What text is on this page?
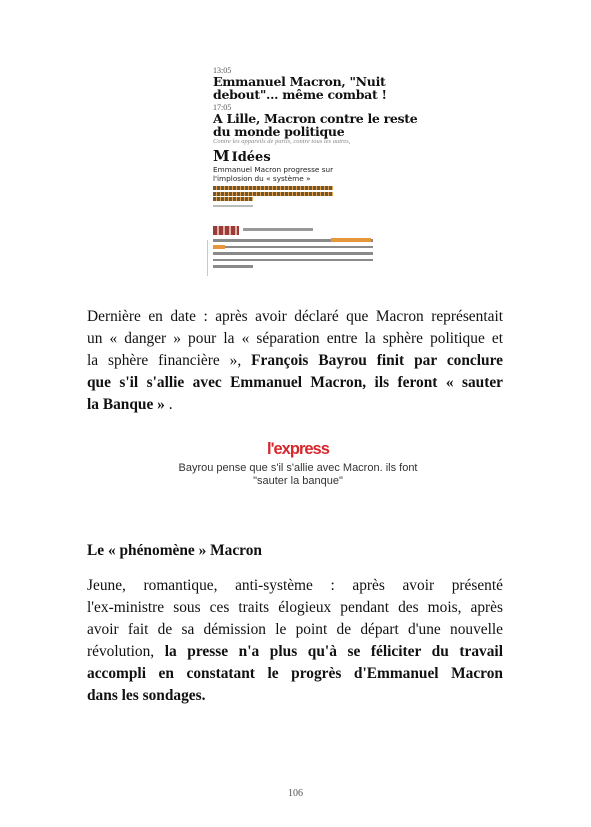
13:05
Emmanuel Macron, "Nuit
debout"... même combat !
17:05
A Lille, Macron contre le reste
du monde politique
Contre les appareils de partis, contre tous les autres,
M Idées
Emmanuel Macron progresse sur
l'implosion du « système »
Dernière en date : après avoir déclaré que Macron représentait
un « danger » pour la « séparation entre la sphère politique et
la sphère financière », François Bayrou finit par conclure
que s'il s'allie avec Emmanuel Macron, ils feront « sauter
la Banque » .
l'express
Bayrou pense que s'il s'allie avec Macron. ils font
"sauter la banque"
Le « phénomène » Macron
Jeune, romantique, anti-système : après avoir présenté
l'ex-ministre sous ces traits élogieux pendant des mois, après
avoir fait de sa démission le point de départ d'une nouvelle
révolution, la presse n'a plus qu'à se féliciter du travail
accompli en constatant le progrès d'Emmanuel Macron
dans les sondages.
106
